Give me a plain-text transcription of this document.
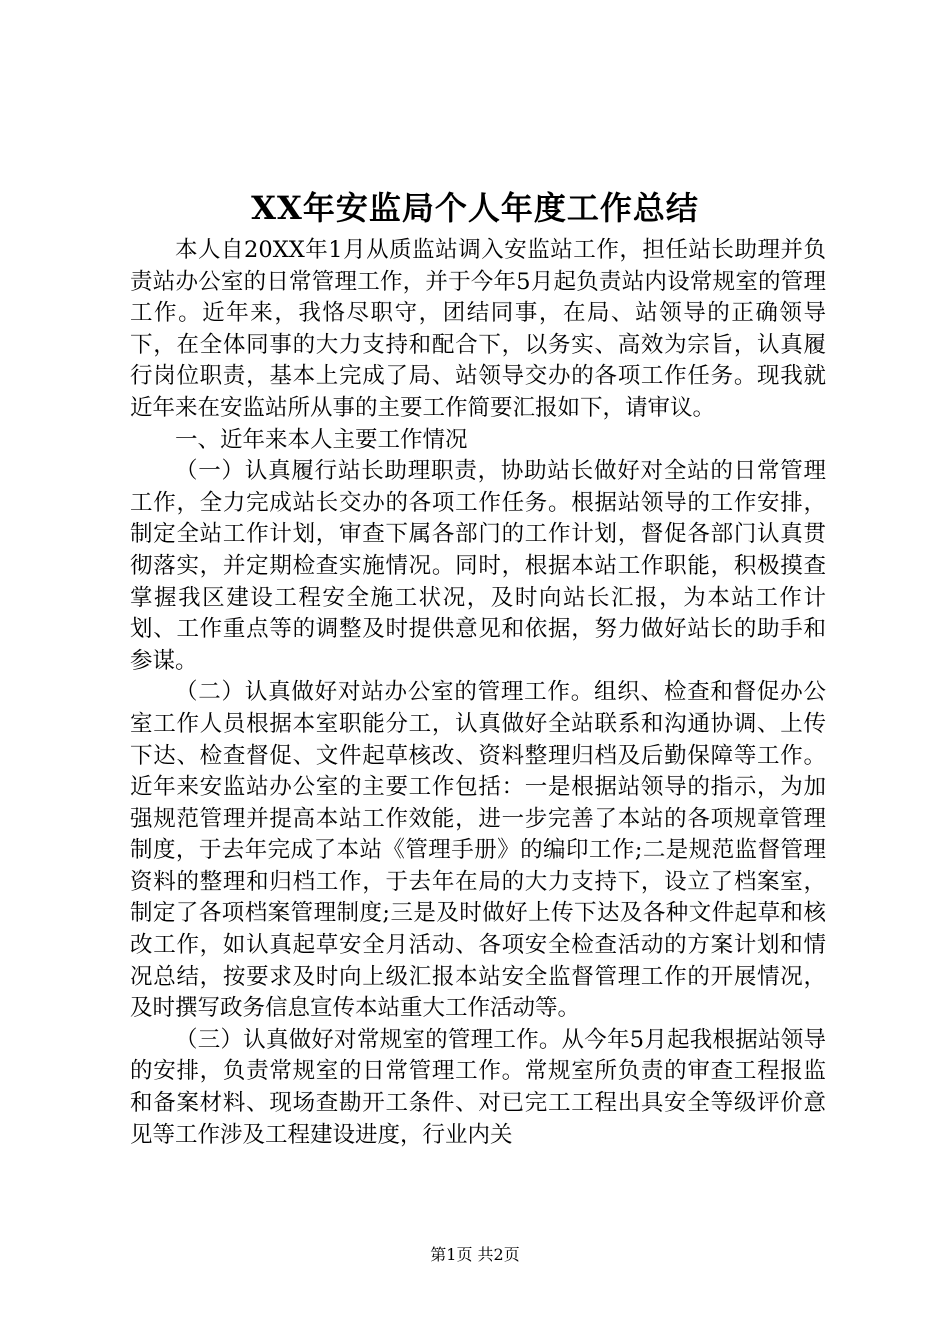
XX年安监局个人年度工作总结

本人自20XX年1月从质监站调入安监站工作，担任站长助理并负责站办公室的日常管理工作，并于今年5月起负责站内设常规室的管理工作。近年来，我恪尽职守，团结同事，在局、站领导的正确领导下，在全体同事的大力支持和配合下，以务实、高效为宗旨，认真履行岗位职责，基本上完成了局、站领导交办的各项工作任务。现我就近年来在安监站所从事的主要工作简要汇报如下，请审议。

一、近年来本人主要工作情况

（一）认真履行站长助理职责，协助站长做好对全站的日常管理工作，全力完成站长交办的各项工作任务。根据站领导的工作安排，制定全站工作计划，审查下属各部门的工作计划，督促各部门认真贯彻落实，并定期检查实施情况。同时，根据本站工作职能，积极摸查掌握我区建设工程安全施工状况，及时向站长汇报，为本站工作计划、工作重点等的调整及时提供意见和依据，努力做好站长的助手和参谋。

（二）认真做好对站办公室的管理工作。组织、检查和督促办公室工作人员根据本室职能分工，认真做好全站联系和沟通协调、上传下达、检查督促、文件起草核改、资料整理归档及后勤保障等工作。近年来安监站办公室的主要工作包括：一是根据站领导的指示，为加强规范管理并提高本站工作效能，进一步完善了本站的各项规章管理制度，于去年完成了本站《管理手册》的编印工作;二是规范监督管理资料的整理和归档工作，于去年在局的大力支持下，设立了档案室，制定了各项档案管理制度;三是及时做好上传下达及各种文件起草和核改工作，如认真起草安全月活动、各项安全检查活动的方案计划和情况总结，按要求及时向上级汇报本站安全监督管理工作的开展情况，及时撰写政务信息宣传本站重大工作活动等。

（三）认真做好对常规室的管理工作。从今年5月起我根据站领导的安排，负责常规室的日常管理工作。常规室所负责的审查工程报监和备案材料、现场查勘开工条件、对已完工工程出具安全等级评价意见等工作涉及工程建设进度，行业内关

第1页 共2页
